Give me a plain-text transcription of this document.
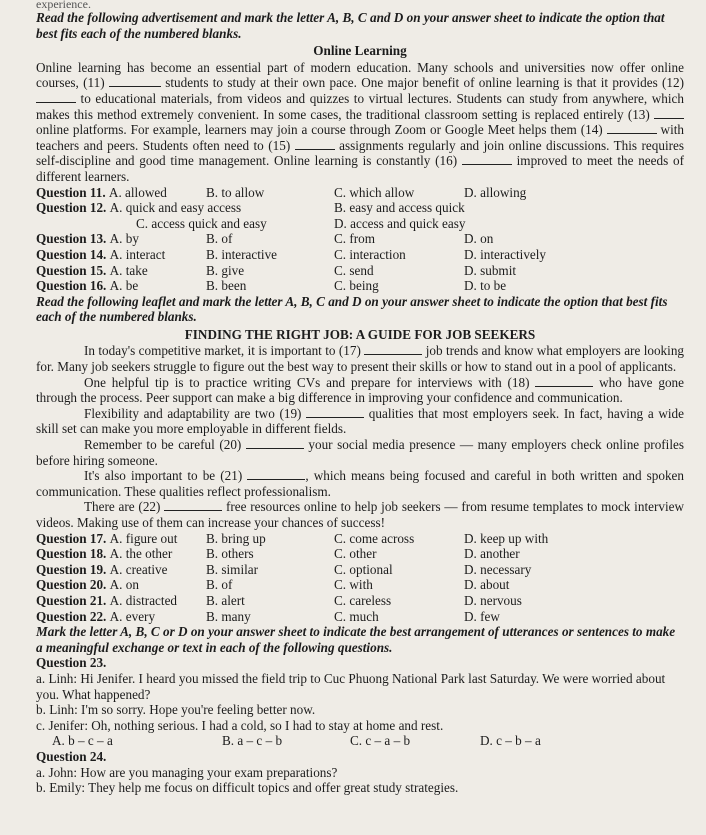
experience.

Read the following advertisement and mark the letter A, B, C and D on your answer sheet to indicate the option that best fits each of the numbered blanks.

Online Learning

Online learning has become an essential part of modern education. Many schools and universities now offer online courses, (11)	students to study at their own pace. One major benefit of online learning is that it provides (12)  to educational materials, from videos and quizzes to virtual lectures. Students can study from anywhere, which makes this method extremely convenient. In some cases, the traditional classroom setting is replaced entirely (13)  online platforms. For example, learners may join a course through Zoom or Google Meet helps them (14)	with teachers and peers. Students often need to (15)	assignments regularly and join online discussions. This requires self-discipline and good time management. Online learning is constantly (16)	improved to meet the needs of different learners.

Question 11. A. allowed	B. to allow	C. which allow	D. allowing
Question 12. A. quick and easy access	B. easy and access quick
C. access quick and easy	D. access and quick easy
Question 13. A. by	B. of	C. from	D. on
Question 14. A. interact	B. interactive	C. interaction	D. interactively
Question 15. A. take	B. give	C. send	D. submit
Question 16. A. be	B. been	C. being	D. to be

Read the following leaflet and mark the letter A, B, C and D on your answer sheet to indicate the option that best fits each of the numbered blanks.

FINDING THE RIGHT JOB: A GUIDE FOR JOB SEEKERS

In today's competitive market, it is important to (17)	job trends and know what employers are looking for. Many job seekers struggle to figure out the best way to present their skills or how to stand out in a pool of applicants.

One helpful tip is to practice writing CVs and prepare for interviews with (18)	who have gone through the process. Peer support can make a big difference in improving your confidence and communication.

Flexibility and adaptability are two (19)	qualities that most employers seek. In fact, having a wide skill set can make you more employable in different fields.

Remember to be careful (20)	your social media presence — many employers check online profiles before hiring someone.

It's also important to be (21)	, which means being focused and careful in both written and spoken communication. These qualities reflect professionalism.

There are (22)	free resources online to help job seekers — from resume templates to mock interview videos. Making use of them can increase your chances of success!

Question 17. A. figure out	B. bring up	C. come across	D. keep up with
Question 18. A. the other	B. others	C. other	D. another
Question 19. A. creative	B. similar	C. optional	D. necessary
Question 20. A. on	B. of	C. with	D. about
Question 21. A. distracted	B. alert	C. careless	D. nervous
Question 22. A. every	B. many	C. much	D. few

Mark the letter A, B, C or D on your answer sheet to indicate the best arrangement of utterances or sentences to make a meaningful exchange or text in each of the following questions.

Question 23.

a. Linh: Hi Jenifer. I heard you missed the field trip to Cuc Phuong National Park last Saturday. We were worried about you. What happened?

b. Linh: I'm so sorry. Hope you're feeling better now.

c. Jenifer: Oh, nothing serious. I had a cold, so I had to stay at home and rest.

A. b – c – a	B. a – c – b	C. c – a – b	D. c – b – a

Question 24.

a. John: How are you managing your exam preparations?

b. Emily: They help me focus on difficult topics and offer great study strategies.
